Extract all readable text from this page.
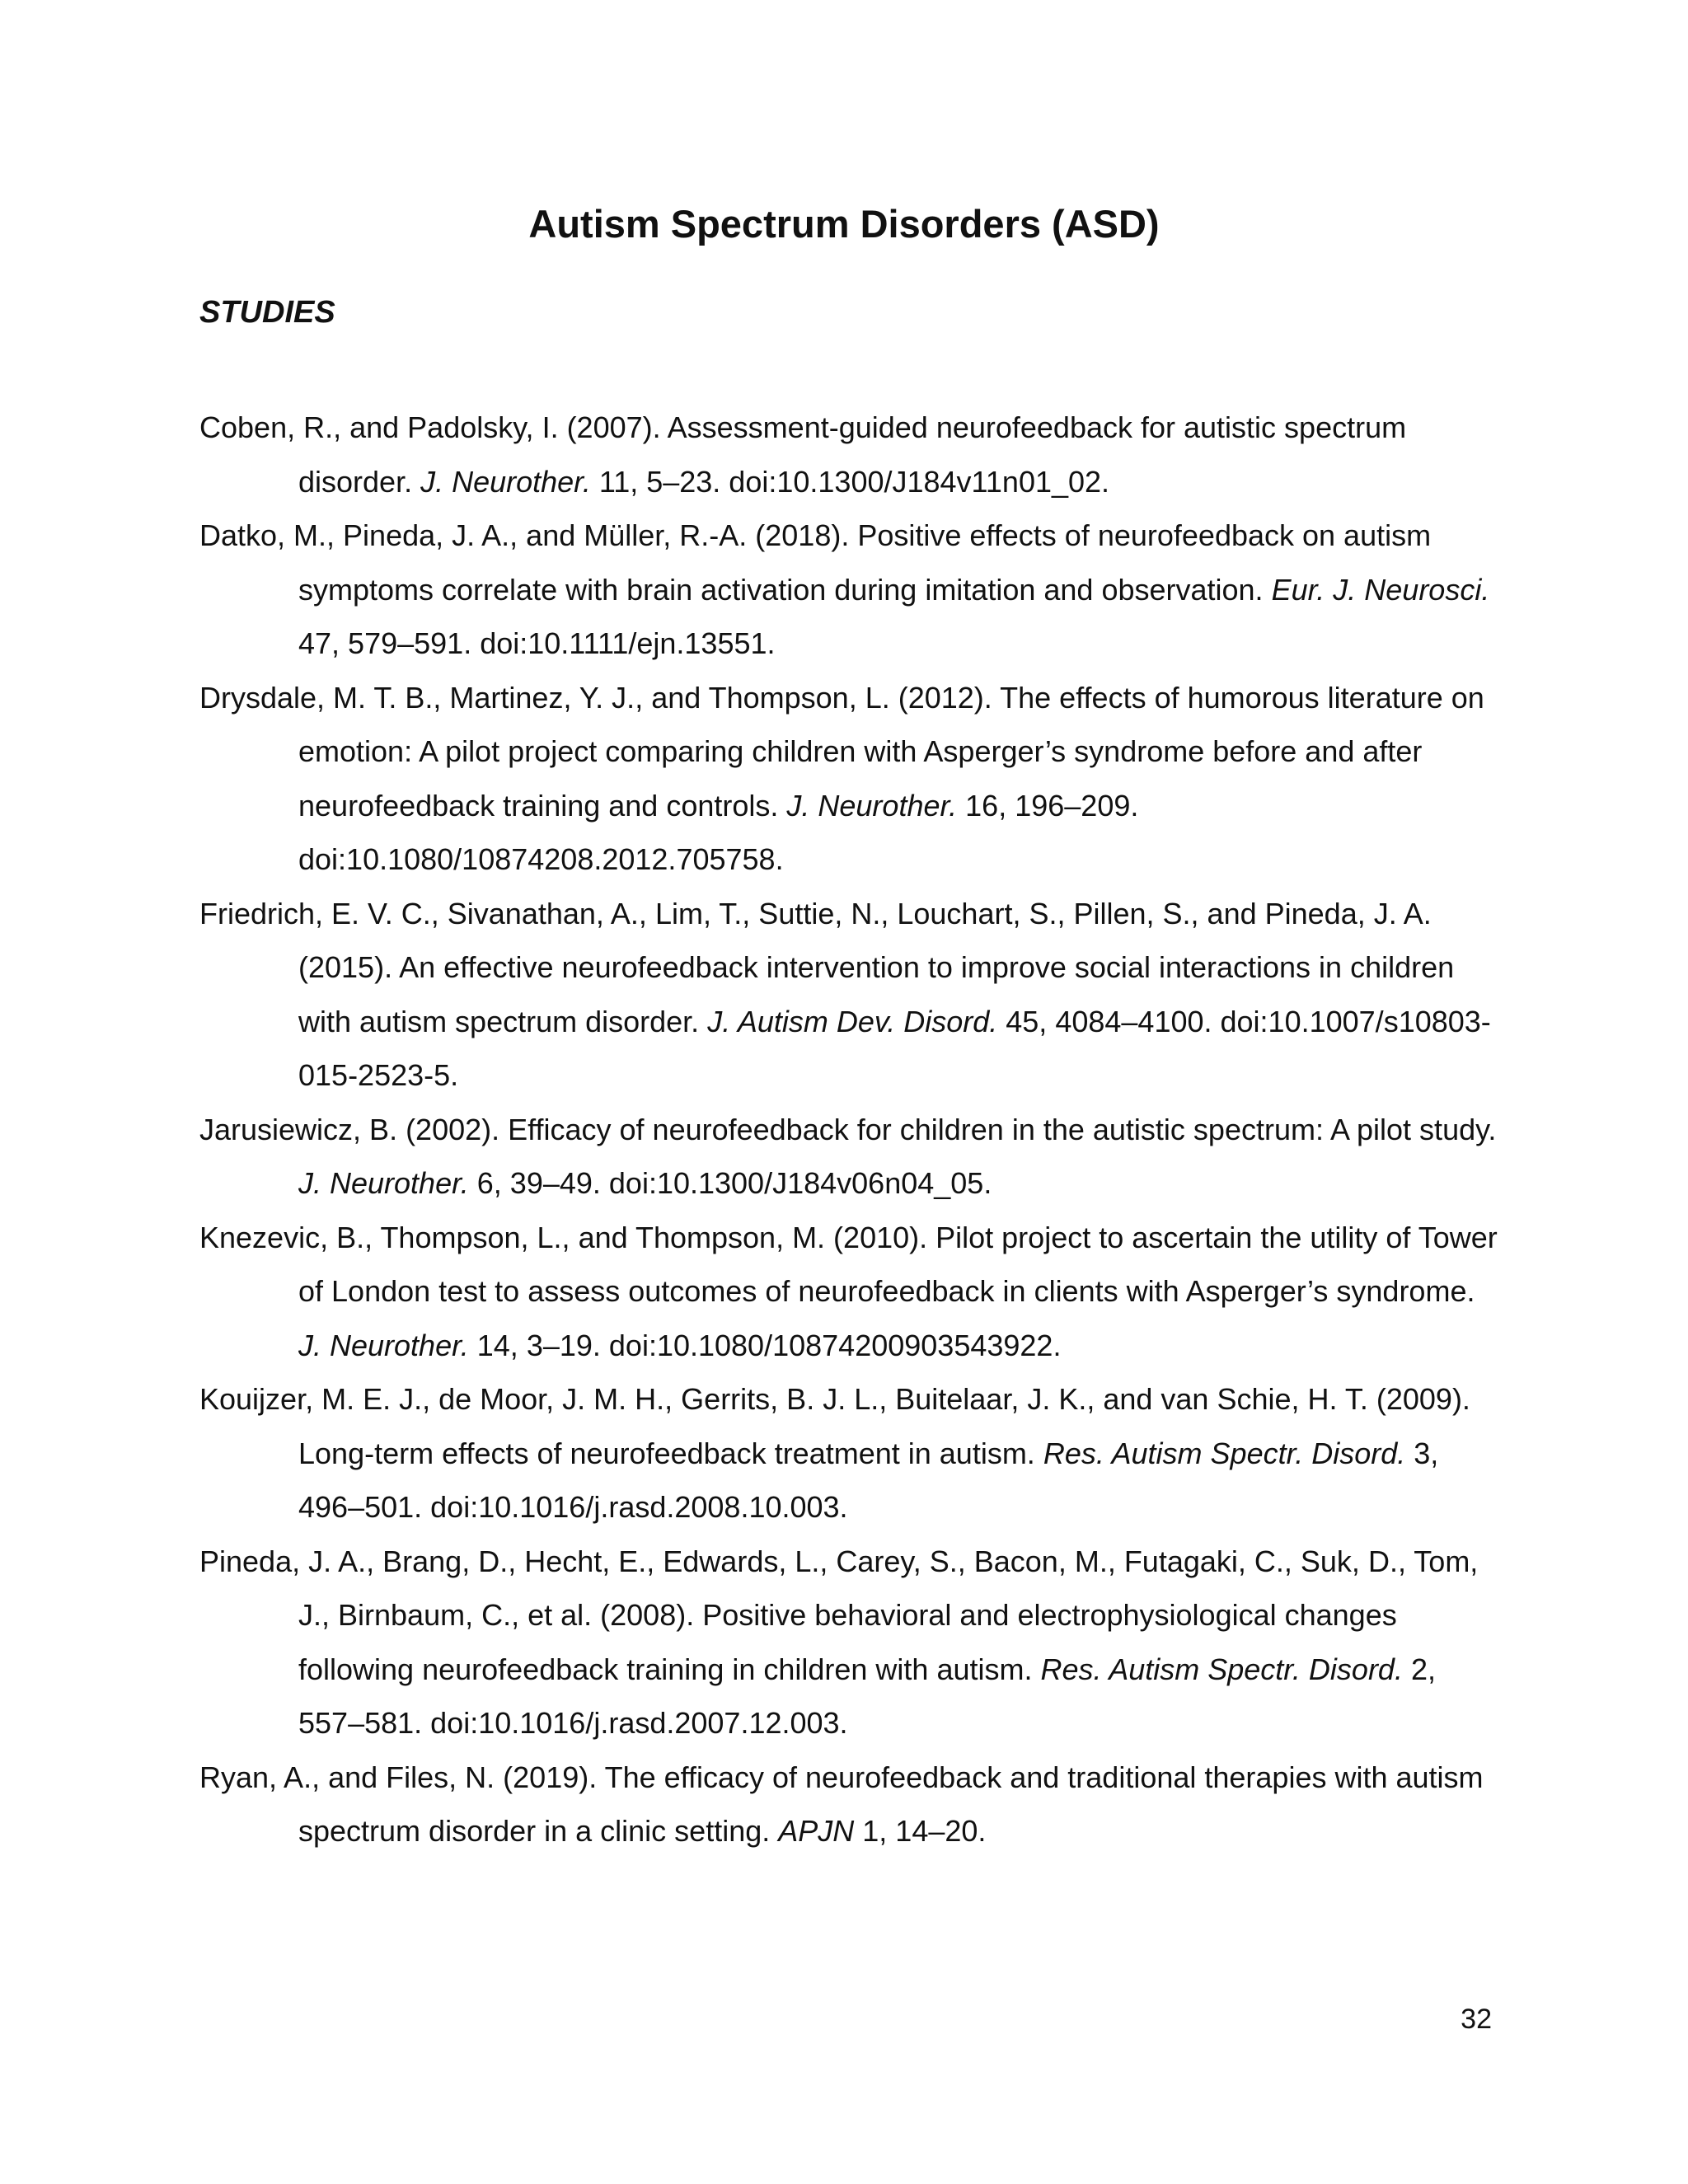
Autism Spectrum Disorders (ASD)
STUDIES
Coben, R., and Padolsky, I. (2007). Assessment-guided neurofeedback for autistic spectrum disorder. J. Neurother. 11, 5–23. doi:10.1300/J184v11n01_02.
Datko, M., Pineda, J. A., and Müller, R.-A. (2018). Positive effects of neurofeedback on autism symptoms correlate with brain activation during imitation and observation. Eur. J. Neurosci. 47, 579–591. doi:10.1111/ejn.13551.
Drysdale, M. T. B., Martinez, Y. J., and Thompson, L. (2012). The effects of humorous literature on emotion: A pilot project comparing children with Asperger’s syndrome before and after neurofeedback training and controls. J. Neurother. 16, 196–209. doi:10.1080/10874208.2012.705758.
Friedrich, E. V. C., Sivanathan, A., Lim, T., Suttie, N., Louchart, S., Pillen, S., and Pineda, J. A. (2015). An effective neurofeedback intervention to improve social interactions in children with autism spectrum disorder. J. Autism Dev. Disord. 45, 4084–4100. doi:10.1007/s10803-015-2523-5.
Jarusiewicz, B. (2002). Efficacy of neurofeedback for children in the autistic spectrum: A pilot study. J. Neurother. 6, 39–49. doi:10.1300/J184v06n04_05.
Knezevic, B., Thompson, L., and Thompson, M. (2010). Pilot project to ascertain the utility of Tower of London test to assess outcomes of neurofeedback in clients with Asperger’s syndrome. J. Neurother. 14, 3–19. doi:10.1080/10874200903543922.
Kouijzer, M. E. J., de Moor, J. M. H., Gerrits, B. J. L., Buitelaar, J. K., and van Schie, H. T. (2009). Long-term effects of neurofeedback treatment in autism. Res. Autism Spectr. Disord. 3, 496–501. doi:10.1016/j.rasd.2008.10.003.
Pineda, J. A., Brang, D., Hecht, E., Edwards, L., Carey, S., Bacon, M., Futagaki, C., Suk, D., Tom, J., Birnbaum, C., et al. (2008). Positive behavioral and electrophysiological changes following neurofeedback training in children with autism. Res. Autism Spectr. Disord. 2, 557–581. doi:10.1016/j.rasd.2007.12.003.
Ryan, A., and Files, N. (2019). The efficacy of neurofeedback and traditional therapies with autism spectrum disorder in a clinic setting. APJN 1, 14–20.
32
